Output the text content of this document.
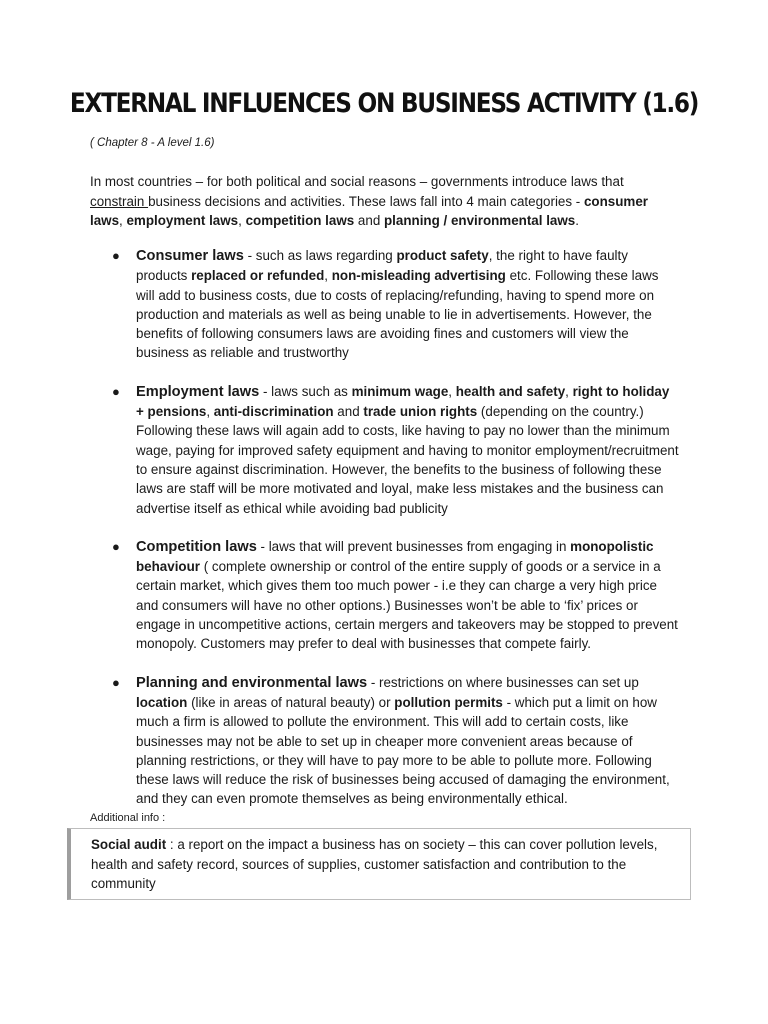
EXTERNAL INFLUENCES ON BUSINESS ACTIVITY (1.6)
( Chapter 8 - A level 1.6)
In most countries – for both political and social reasons – governments introduce laws that constrain business decisions and activities. These laws fall into 4 main categories - consumer laws, employment laws, competition laws and planning / environmental laws.
● Consumer laws - such as laws regarding product safety, the right to have faulty products replaced or refunded, non-misleading advertising etc. Following these laws will add to business costs, due to costs of replacing/refunding, having to spend more on production and materials as well as being unable to lie in advertisements. However, the benefits of following consumers laws are avoiding fines and customers will view the business as reliable and trustworthy
● Employment laws - laws such as minimum wage, health and safety, right to holiday + pensions, anti-discrimination and trade union rights (depending on the country.) Following these laws will again add to costs, like having to pay no lower than the minimum wage, paying for improved safety equipment and having to monitor employment/recruitment to ensure against discrimination. However, the benefits to the business of following these laws are staff will be more motivated and loyal, make less mistakes and the business can advertise itself as ethical while avoiding bad publicity
● Competition laws - laws that will prevent businesses from engaging in monopolistic behaviour ( complete ownership or control of the entire supply of goods or a service in a certain market, which gives them too much power - i.e they can charge a very high price and consumers will have no other options.) Businesses won’t be able to ‘fix’ prices or engage in uncompetitive actions, certain mergers and takeovers may be stopped to prevent monopoly. Customers may prefer to deal with businesses that compete fairly.
● Planning and environmental laws - restrictions on where businesses can set up location (like in areas of natural beauty) or pollution permits - which put a limit on how much a firm is allowed to pollute the environment. This will add to certain costs, like businesses may not be able to set up in cheaper more convenient areas because of planning restrictions, or they will have to pay more to be able to pollute more. Following these laws will reduce the risk of businesses being accused of damaging the environment, and they can even promote themselves as being environmentally ethical.
Additional info :
Social audit : a report on the impact a business has on society – this can cover pollution levels, health and safety record, sources of supplies, customer satisfaction and contribution to the community
